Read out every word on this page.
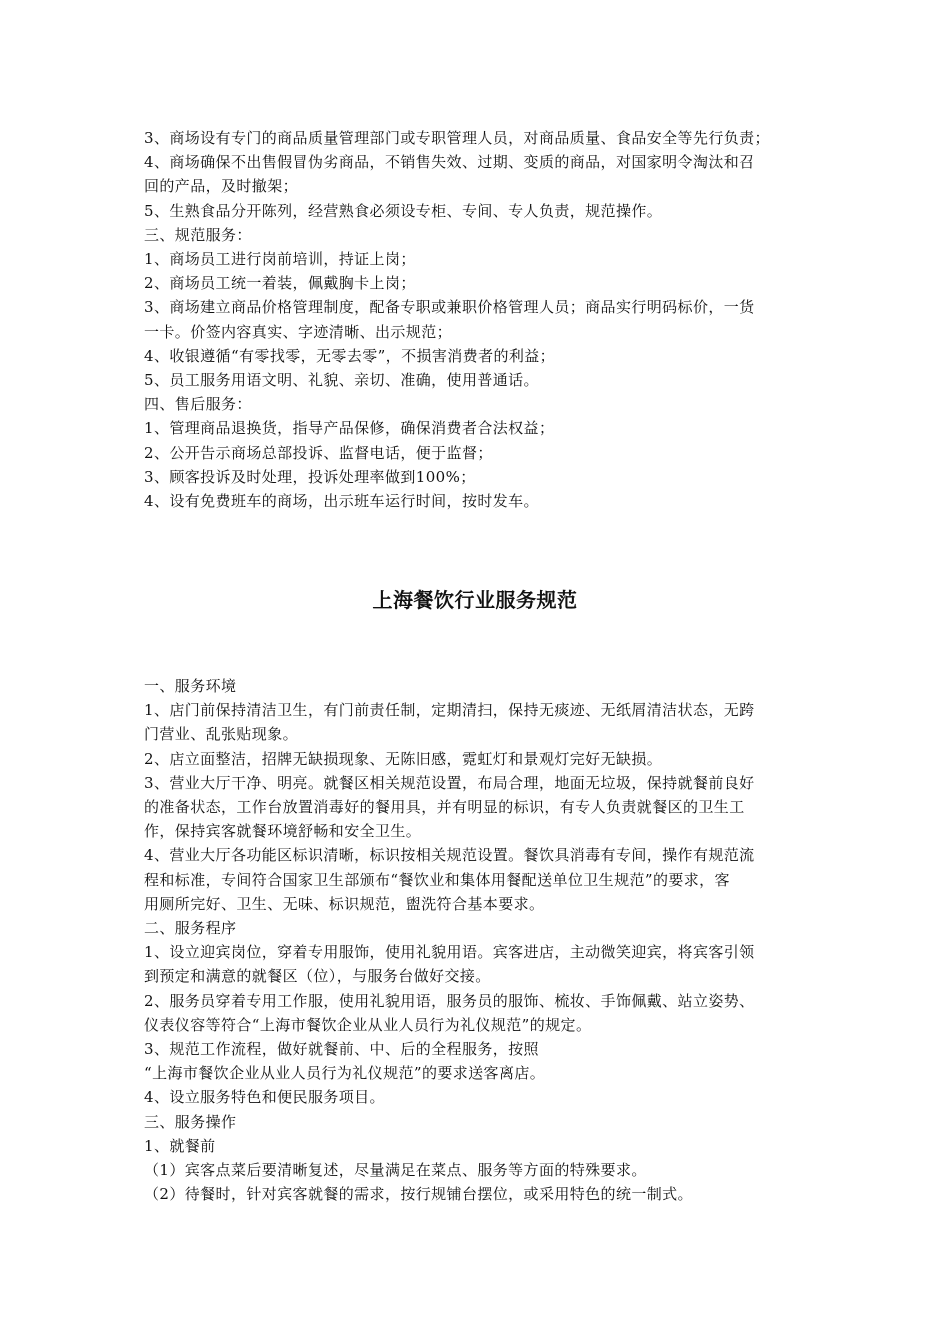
3、商场设有专门的商品质量管理部门或专职管理人员，对商品质量、食品安全等先行负责；
4、商场确保不出售假冒伪劣商品，不销售失效、过期、变质的商品，对国家明令淘汰和召
回的产品，及时撤架；
5、生熟食品分开陈列，经营熟食必须设专柜、专间、专人负责，规范操作。
三、规范服务：
1、商场员工进行岗前培训，持证上岗；
2、商场员工统一着装，佩戴胸卡上岗；
3、商场建立商品价格管理制度，配备专职或兼职价格管理人员；商品实行明码标价，一货
一卡。价签内容真实、字迹清晰、出示规范；
4、收银遵循“有零找零，无零去零”，不损害消费者的利益；
5、员工服务用语文明、礼貌、亲切、准确，使用普通话。
四、售后服务：
1、管理商品退换货，指导产品保修，确保消费者合法权益；
2、公开告示商场总部投诉、监督电话，便于监督；
3、顾客投诉及时处理，投诉处理率做到100%；
4、设有免费班车的商场，出示班车运行时间，按时发车。
上海餐饮行业服务规范
一、服务环境
1、店门前保持清洁卫生，有门前责任制，定期清扫，保持无痰迹、无纸屑清洁状态，无跨
门营业、乱张贴现象。
2、店立面整洁，招牌无缺损现象、无陈旧感，霓虹灯和景观灯完好无缺损。
3、营业大厅干净、明亮。就餐区相关规范设置，布局合理，地面无垃圾，保持就餐前良好
的准备状态，工作台放置消毒好的餐用具，并有明显的标识，有专人负责就餐区的卫生工
作，保持宾客就餐环境舒畅和安全卫生。
4、营业大厅各功能区标识清晰，标识按相关规范设置。餐饮具消毒有专间，操作有规范流
程和标准，专间符合国家卫生部颁布“餐饮业和集体用餐配送单位卫生规范”的要求，客
用厕所完好、卫生、无味、标识规范，盥洗符合基本要求。
二、服务程序
1、设立迎宾岗位，穿着专用服饰，使用礼貌用语。宾客进店，主动微笑迎宾，将宾客引领
到预定和满意的就餐区（位），与服务台做好交接。
2、服务员穿着专用工作服，使用礼貌用语，服务员的服饰、梳妆、手饰佩戴、站立姿势、
仪表仪容等符合“上海市餐饮企业从业人员行为礼仪规范”的规定。
3、规范工作流程，做好就餐前、中、后的全程服务，按照
“上海市餐饮企业从业人员行为礼仪规范”的要求送客离店。
4、设立服务特色和便民服务项目。
三、服务操作
1、就餐前
（1）宾客点菜后要清晰复述，尽量满足在菜点、服务等方面的特殊要求。
（2）待餐时，针对宾客就餐的需求，按行规铺台摆位，或采用特色的统一制式。
